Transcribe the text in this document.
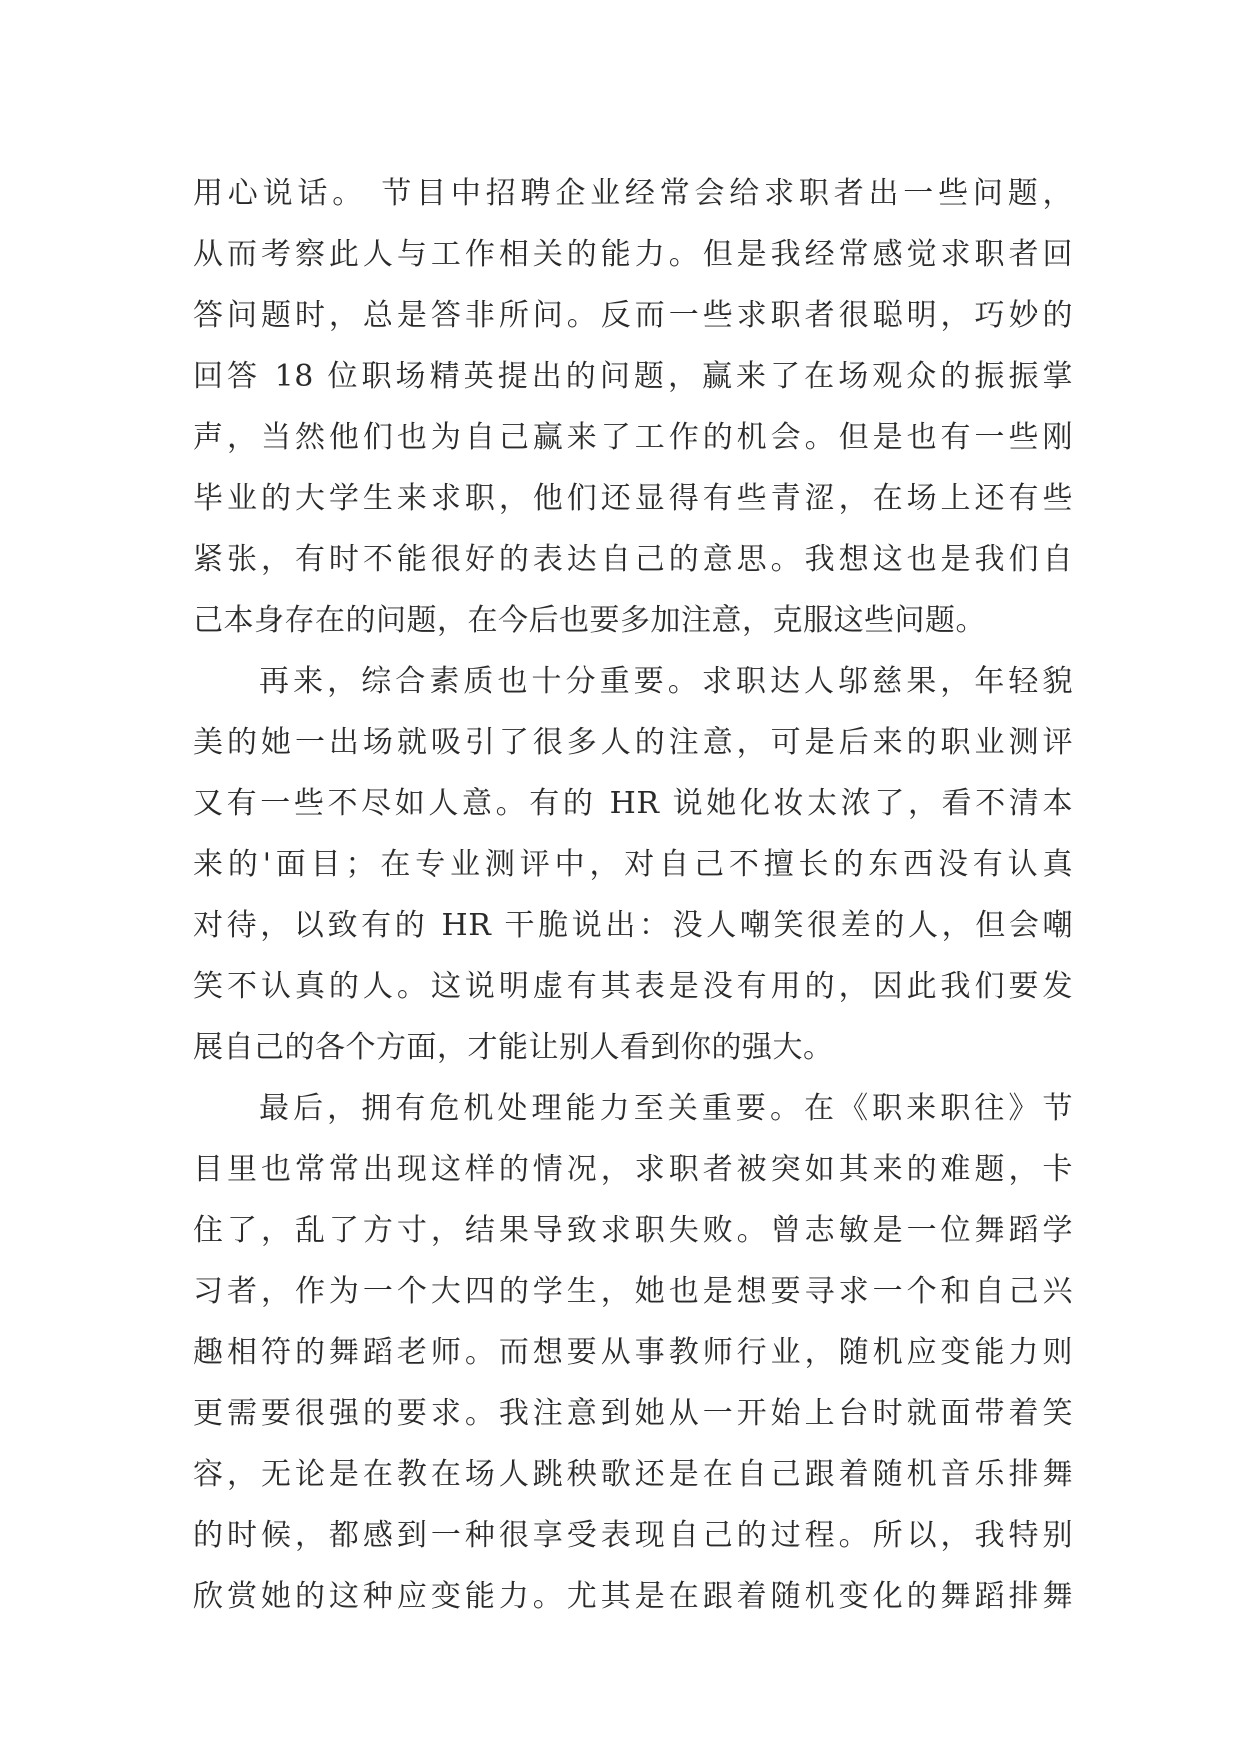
用心说话。 节目中招聘企业经常会给求职者出一些问题，
从而考察此人与工作相关的能力。但是我经常感觉求职者回
答问题时，总是答非所问。反而一些求职者很聪明，巧妙的
回答 18 位职场精英提出的问题，赢来了在场观众的振振掌
声，当然他们也为自己赢来了工作的机会。但是也有一些刚
毕业的大学生来求职，他们还显得有些青涩，在场上还有些
紧张，有时不能很好的表达自己的意思。我想这也是我们自
己本身存在的问题，在今后也要多加注意，克服这些问题。
再来，综合素质也十分重要。求职达人邬慈果，年轻貌
美的她一出场就吸引了很多人的注意，可是后来的职业测评
又有一些不尽如人意。有的 HR 说她化妆太浓了，看不清本
来的'面目；在专业测评中，对自己不擅长的东西没有认真
对待，以致有的 HR 干脆说出：没人嘲笑很差的人，但会嘲
笑不认真的人。这说明虚有其表是没有用的，因此我们要发
展自己的各个方面，才能让别人看到你的强大。
最后，拥有危机处理能力至关重要。在《职来职往》节
目里也常常出现这样的情况，求职者被突如其来的难题，卡
住了，乱了方寸，结果导致求职失败。曾志敏是一位舞蹈学
习者，作为一个大四的学生，她也是想要寻求一个和自己兴
趣相符的舞蹈老师。而想要从事教师行业，随机应变能力则
更需要很强的要求。我注意到她从一开始上台时就面带着笑
容，无论是在教在场人跳秧歌还是在自己跟着随机音乐排舞
的时候，都感到一种很享受表现自己的过程。所以，我特别
欣赏她的这种应变能力。尤其是在跟着随机变化的舞蹈排舞
